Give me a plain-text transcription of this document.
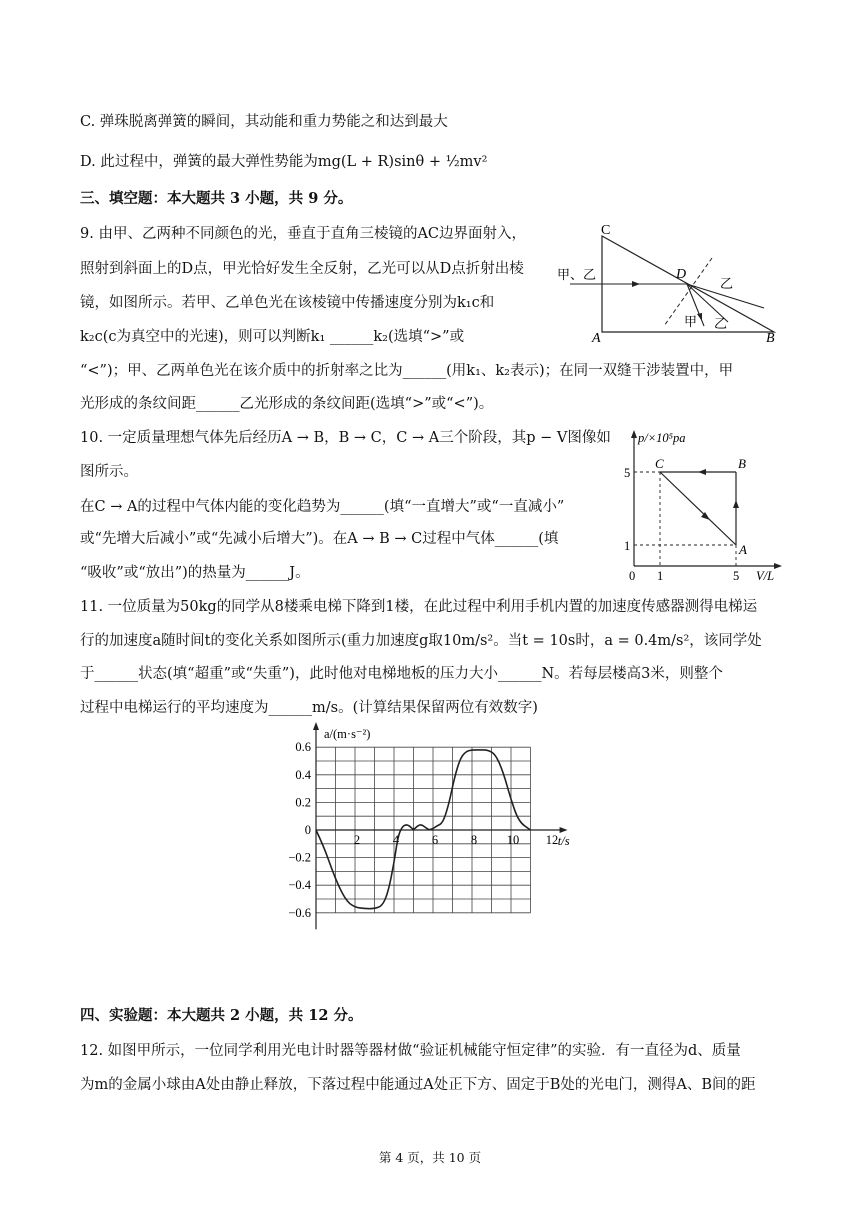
C. 弹珠脱离弹簧的瞬间，其动能和重力势能之和达到最大
D. 此过程中，弹簧的最大弹性势能为mg(L + R)sinθ + ½mv²
三、填空题：本大题共 3 小题，共 9 分。
9. 由甲、乙两种不同颜色的光，垂直于直角三棱镜的AC边界面射入，
照射到斜面上的D点，甲光恰好发生全反射，乙光可以从D点折射出棱
镜，如图所示。若甲、乙单色光在该棱镜中传播速度分别为k₁c和
k₂c(c为真空中的光速)，则可以判断k₁ ______k₂(选填“>”或
“<”)；甲、乙两单色光在该介质中的折射率之比为______(用k₁、k₂表示)；在同一双缝干涉装置中，甲
光形成的条纹间距______乙光形成的条纹间距(选填“>”或“<”)。
10. 一定质量理想气体先后经历A → B，B → C，C → A三个阶段，其p − V图像如
图所示。
在C → A的过程中气体内能的变化趋势为______(填“一直增大”或“一直减小”
或“先增大后减小”或“先减小后增大”)。在A → B → C过程中气体______(填
“吸收”或“放出”)的热量为______J。
11. 一位质量为50kg的同学从8楼乘电梯下降到1楼，在此过程中利用手机内置的加速度传感器测得电梯运
行的加速度a随时间t的变化关系如图所示(重力加速度g取10m/s²。当t = 10s时，a = 0.4m/s²，该同学处
于______状态(填“超重”或“失重”)，此时他对电梯地板的压力大小______N。若每层楼高3米，则整个
过程中电梯运行的平均速度为______m/s。(计算结果保留两位有效数字)
四、实验题：本大题共 2 小题，共 12 分。
12. 如图甲所示，一位同学利用光电计时器等器材做“验证机械能守恒定律”的实验．有一直径为d、质量
为m的金属小球由A处由静止释放，下落过程中能通过A处正下方、固定于B处的光电门，测得A、B间的距
C
D
A	B
甲、乙
乙
甲 乙
p/×10⁵pa
V/L
5
1
0 1	5
C	B
A
0.6
0.4
0.2
0
−0.2
−0.4
−0.6
2	4	6	8 10 12
a/(m·s⁻²)
t/s
第 4 页，共 10 页
